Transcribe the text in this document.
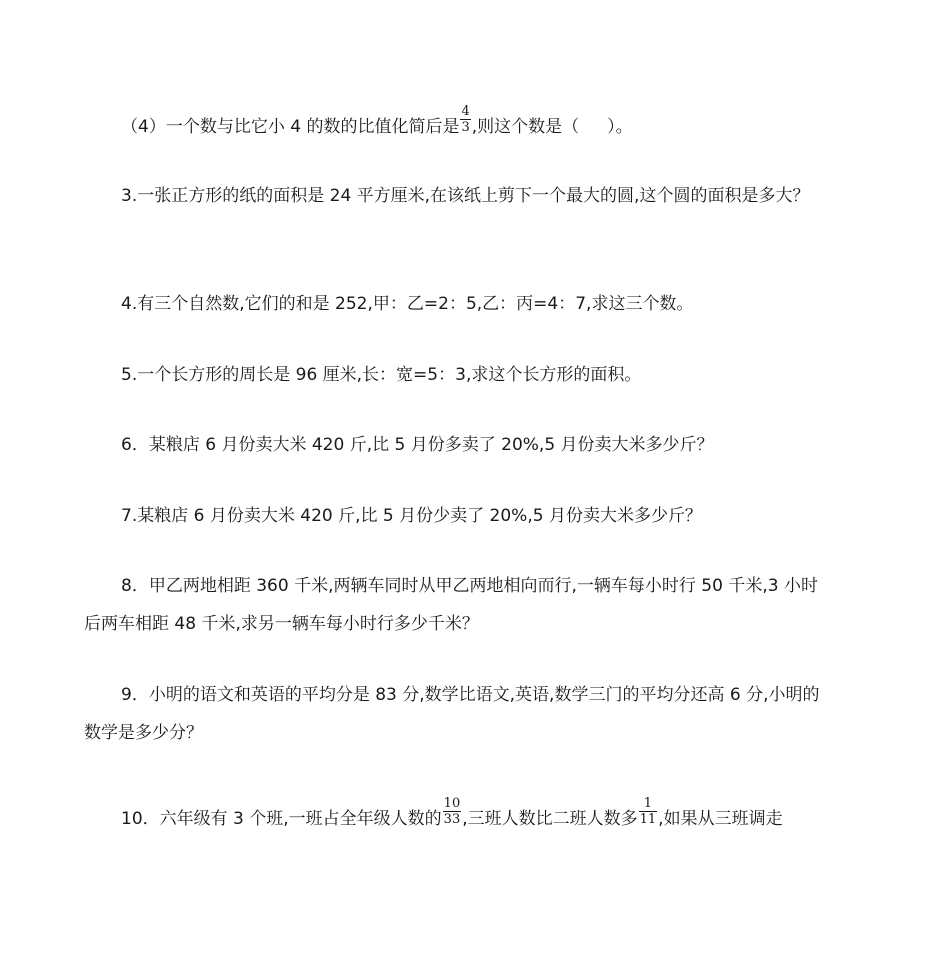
（4）一个数与比它小 4 的数的比值化简后是 $\frac{4}{3}$ ,则这个数是（ ）。
3.一张正方形的纸的面积是 24 平方厘米,在该纸上剪下一个最大的圆,这个圆的面积是多大？
4.有三个自然数,它们的和是 252,甲：乙=2：5,乙：丙=4：7,求这三个数。
5.一个长方形的周长是 96 厘米,长：宽=5：3,求这个长方形的面积。
6．某粮店 6 月份卖大米 420 斤,比 5 月份多卖了 20%,5 月份卖大米多少斤？
7.某粮店 6 月份卖大米 420 斤,比 5 月份少卖了 20%,5 月份卖大米多少斤？
8．甲乙两地相距 360 千米,两辆车同时从甲乙两地相向而行,一辆车每小时行 50 千米,3 小时后两车相距 48 千米,求另一辆车每小时行多少千米？
9．小明的语文和英语的平均分是 83 分,数学比语文,英语,数学三门的平均分还高 6 分,小明的数学是多少分？
10．六年级有 3 个班,一班占全年级人数的 $\frac{10}{33}$ ,三班人数比二班人数多 $\frac{1}{11}$ ,如果从三班调走
